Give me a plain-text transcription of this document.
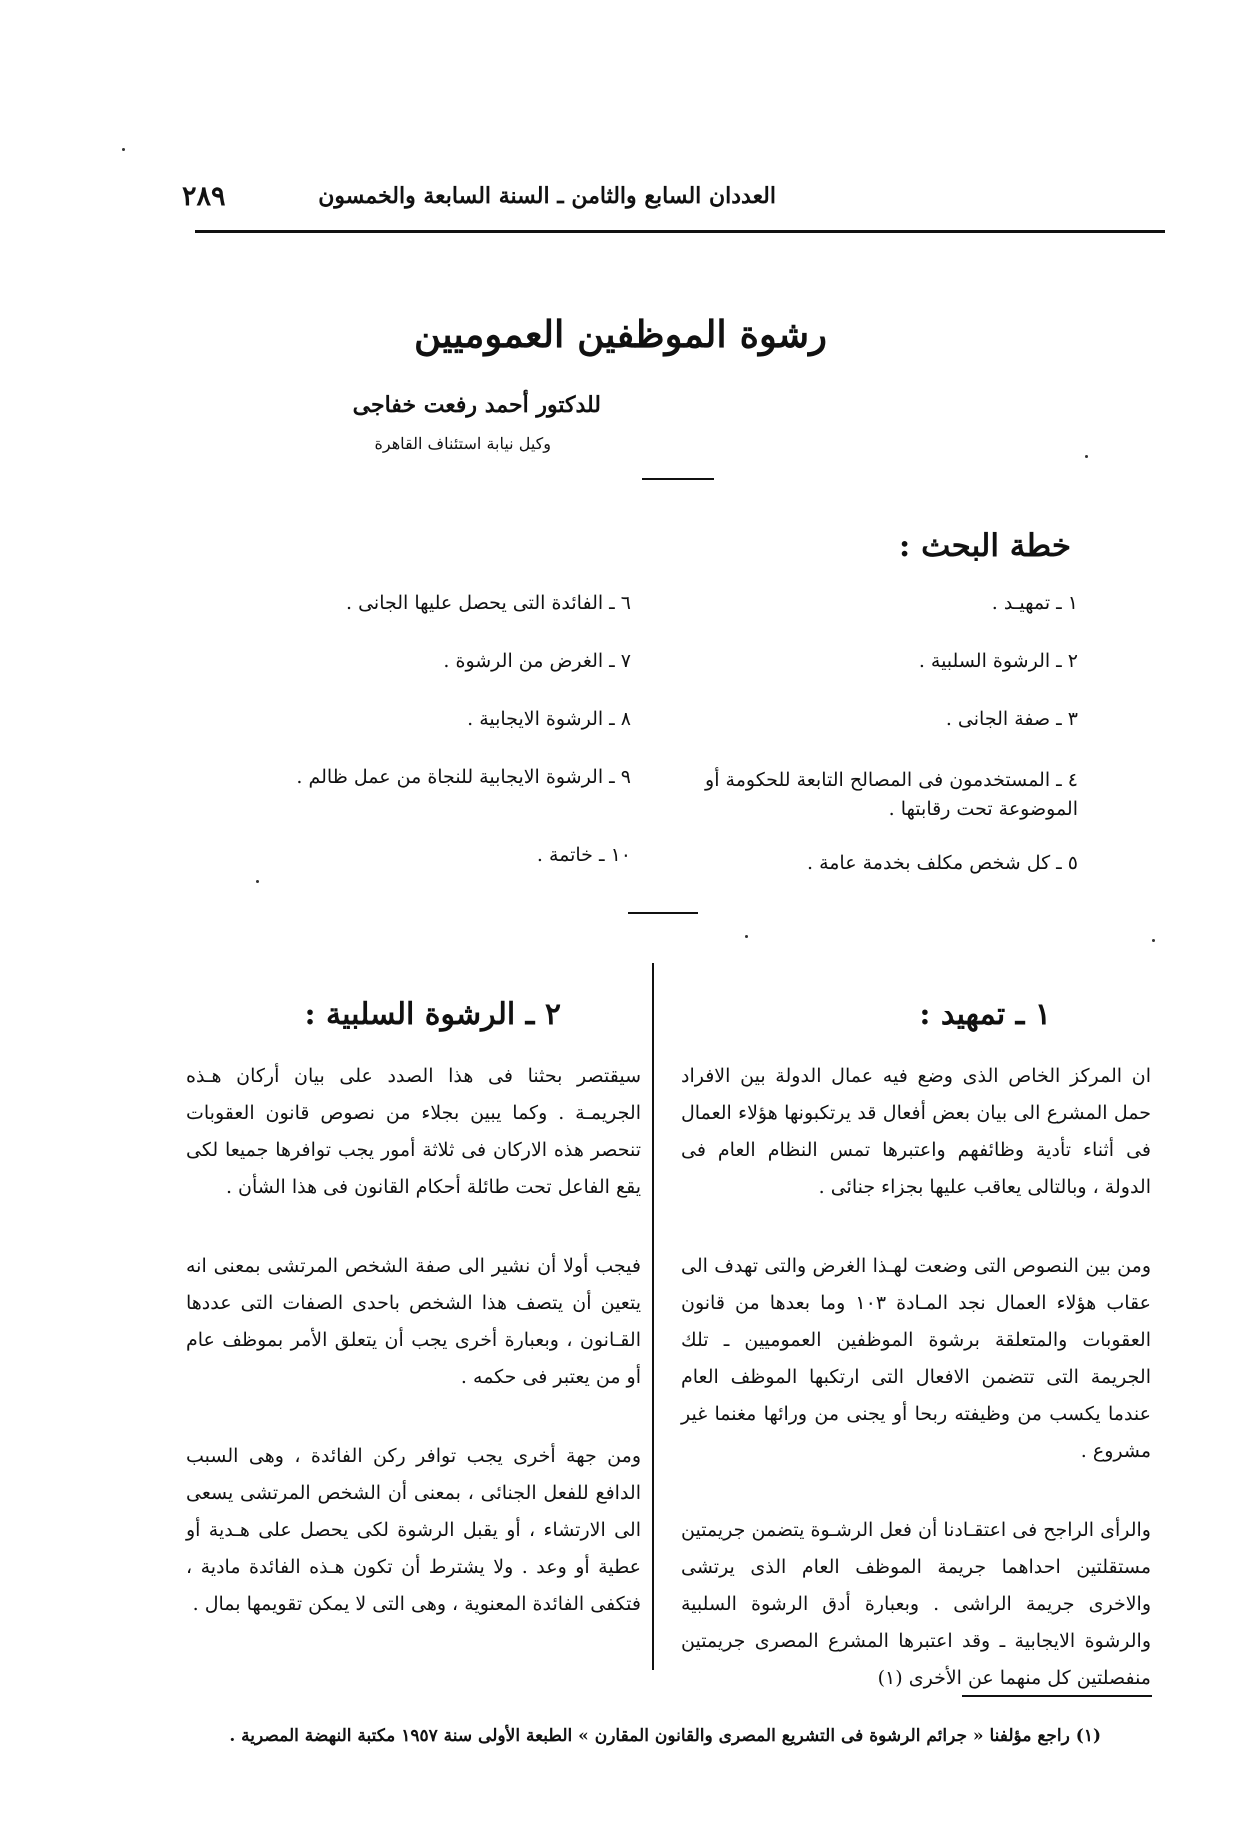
العددان السابع والثامن ـ السنة السابعة والخمسون
٢٨٩
رشوة الموظفين العموميين
للدكتور أحمد رفعت خفاجى
وكيل نيابة استئناف القاهرة
خطة البحث :
١ ـ تمهيـد .
٢ ـ الرشوة السلبية .
٣ ـ صفة الجانى .
٤ ـ المستخدمون فى المصالح التابعة للحكومة أو الموضوعة تحت رقابتها .
٥ ـ كل شخص مكلف بخدمة عامة .
٦ ـ الفائدة التى يحصل عليها الجانى .
٧ ـ الغرض من الرشوة .
٨ ـ الرشوة الايجابية .
٩ ـ الرشوة الايجابية للنجاة من عمل ظالم .
١٠ ـ خاتمة .
١ ـ تمهيد :
٢ ـ الرشوة السلبية :

ان المركز الخاص الذى وضع فيه عمال الدولة بين الافراد حمل المشرع الى بيان بعض أفعال قد يرتكبونها هؤلاء العمال فى أثناء تأدية وظائفهم واعتبرها تمس النظام العام فى الدولة ، وبالتالى يعاقب عليها بجزاء جنائى .

ومن بين النصوص التى وضعت لهـذا الغرض والتى تهدف الى عقاب هؤلاء العمال نجد المـادة ١٠٣ وما بعدها من قانون العقوبات والمتعلقة برشوة الموظفين العموميين ـ تلك الجريمة التى تتضمن الافعال التى ارتكبها الموظف العام عندما يكسب من وظيفته ربحا أو يجنى من ورائها مغنما غير مشروع .

والرأى الراجح فى اعتقـادنا أن فعل الرشـوة يتضمن جريمتين مستقلتين احداهما جريمة الموظف العام الذى يرتشى والاخرى جريمة الراشى . وبعبارة أدق الرشوة السلبية والرشوة الايجابية ـ وقد اعتبرها المشرع المصرى جريمتين منفصلتين كل منهما عن الأخرى (١)

سيقتصر بحثنا فى هذا الصدد على بيان أركان هـذه الجريمـة . وكما يبين بجلاء من نصوص قانون العقوبات تنحصر هذه الاركان فى ثلاثة أمور يجب توافرها جميعا لكى يقع الفاعل تحت طائلة أحكام القانون فى هذا الشأن .

فيجب أولا أن نشير الى صفة الشخص المرتشى بمعنى انه يتعين أن يتصف هذا الشخص باحدى الصفات التى عددها القـانون ، وبعبارة أخرى يجب أن يتعلق الأمر بموظف عام أو من يعتبر فى حكمه .

ومن جهة أخرى يجب توافر ركن الفائدة ، وهى السبب الدافع للفعل الجنائى ، بمعنى أن الشخص المرتشى يسعى الى الارتشاء ، أو يقبل الرشوة لكى يحصل على هـدية أو عطية أو وعد . ولا يشترط أن تكون هـذه الفائدة مادية ، فتكفى الفائدة المعنوية ، وهى التى لا يمكن تقويمها بمال .

(١) راجع مؤلفنا « جرائم الرشوة فى التشريع المصرى والقانون المقارن » الطبعة الأولى سنة ١٩٥٧ مكتبة النهضة المصرية .
